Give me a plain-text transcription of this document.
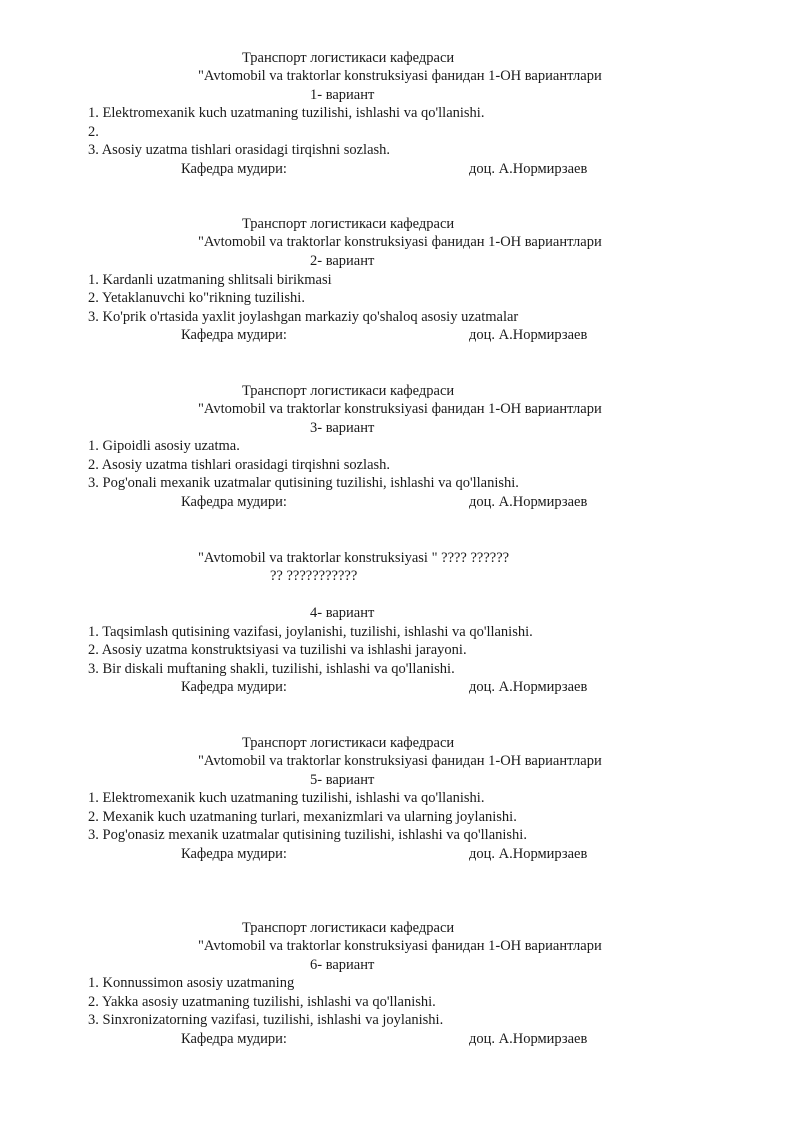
Транспорт логистикаси кафедраси
"Avtomobil va traktorlar konstruksiyasi фанидан 1-ОН вариантлари
1- вариант
1. Elektromexanik kuch uzatmaning tuzilishi, ishlashi va qo'llanishi.
2.
3. Asosiy uzatma tishlari orasidagi tirqishni sozlash.
Кафедра мудири:	доц. А.Нормирзаев
Транспорт логистикаси кафедраси
"Avtomobil va traktorlar konstruksiyasi фанидан 1-ОН вариантлари
2- вариант
1. Kardanli uzatmaning shlitsali birikmasi
2. Yetaklanuvchi ko"rikning tuzilishi.
3. Ko'prik o'rtasida yaxlit joylashgan markaziy qo'shaloq asosiy uzatmalar
Кафедра мудири:	доц. А.Нормирзаев
Транспорт логистикаси кафедраси
"Avtomobil va traktorlar konstruksiyasi фанидан 1-ОН вариантлари
3- вариант
1. Gipoidli asosiy uzatma.
2. Asosiy uzatma tishlari orasidagi tirqishni sozlash.
3. Pog'onali mexanik uzatmalar qutisining tuzilishi, ishlashi va qo'llanishi.
Кафедра мудири:	доц. А.Нормирзаев
"Avtomobil va traktorlar konstruksiyasi " ???? ??????
?? ???????????
4- вариант
1. Taqsimlash qutisining vazifasi, joylanishi, tuzilishi, ishlashi va qo'llanishi.
2. Asosiy uzatma konstruktsiyasi va tuzilishi va ishlashi jarayoni.
3. Bir diskali muftaning shakli, tuzilishi, ishlashi va qo'llanishi.
Кафедра мудири:	доц. А.Нормирзаев
Транспорт логистикаси кафедраси
"Avtomobil va traktorlar konstruksiyasi фанидан 1-ОН вариантлари
5- вариант
1. Elektromexanik kuch uzatmaning tuzilishi, ishlashi va qo'llanishi.
2. Mexanik kuch uzatmaning turlari, mexanizmlari va ularning joylanishi.
3. Pog'onasiz mexanik uzatmalar qutisining tuzilishi, ishlashi va qo'llanishi.
Кафедра мудири:	доц. А.Нормирзаев
Транспорт логистикаси кафедраси
"Avtomobil va traktorlar konstruksiyasi фанидан 1-ОН вариантлари
6- вариант
1. Konnussimon asosiy uzatmaning
2. Yakka asosiy uzatmaning tuzilishi, ishlashi va qo'llanishi.
3. Sinxronizatorning vazifasi, tuzilishi, ishlashi va joylanishi.
Кафедра мудири:	доц. А.Нормирзаев
